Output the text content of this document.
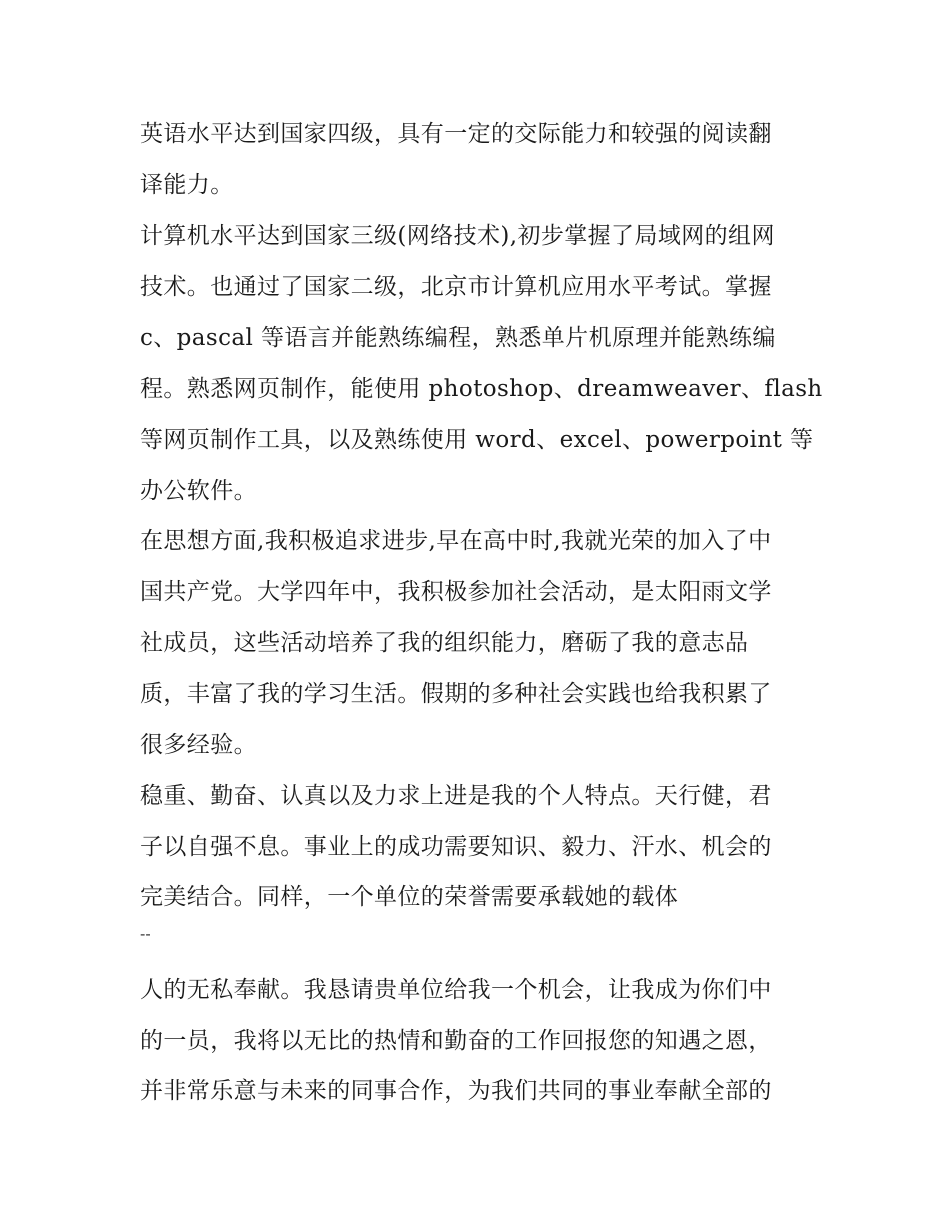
英语水平达到国家四级，具有一定的交际能力和较强的阅读翻
译能力。
计算机水平达到国家三级(网络技术),初步掌握了局域网的组网
技术。也通过了国家二级，北京市计算机应用水平考试。掌握
c、pascal 等语言并能熟练编程，熟悉单片机原理并能熟练编
程。熟悉网页制作，能使用 photoshop、dreamweaver、flash
等网页制作工具，以及熟练使用 word、excel、powerpoint 等
办公软件。
在思想方面,我积极追求进步,早在高中时,我就光荣的加入了中
国共产党。大学四年中，我积极参加社会活动，是太阳雨文学
社成员，这些活动培养了我的组织能力，磨砺了我的意志品
质，丰富了我的学习生活。假期的多种社会实践也给我积累了
很多经验。
稳重、勤奋、认真以及力求上进是我的个人特点。天行健，君
子以自强不息。事业上的成功需要知识、毅力、汗水、机会的
完美结合。同样，一个单位的荣誉需要承载她的载体
--
人的无私奉献。我恳请贵单位给我一个机会，让我成为你们中
的一员，我将以无比的热情和勤奋的工作回报您的知遇之恩，
并非常乐意与未来的同事合作，为我们共同的事业奉献全部的
